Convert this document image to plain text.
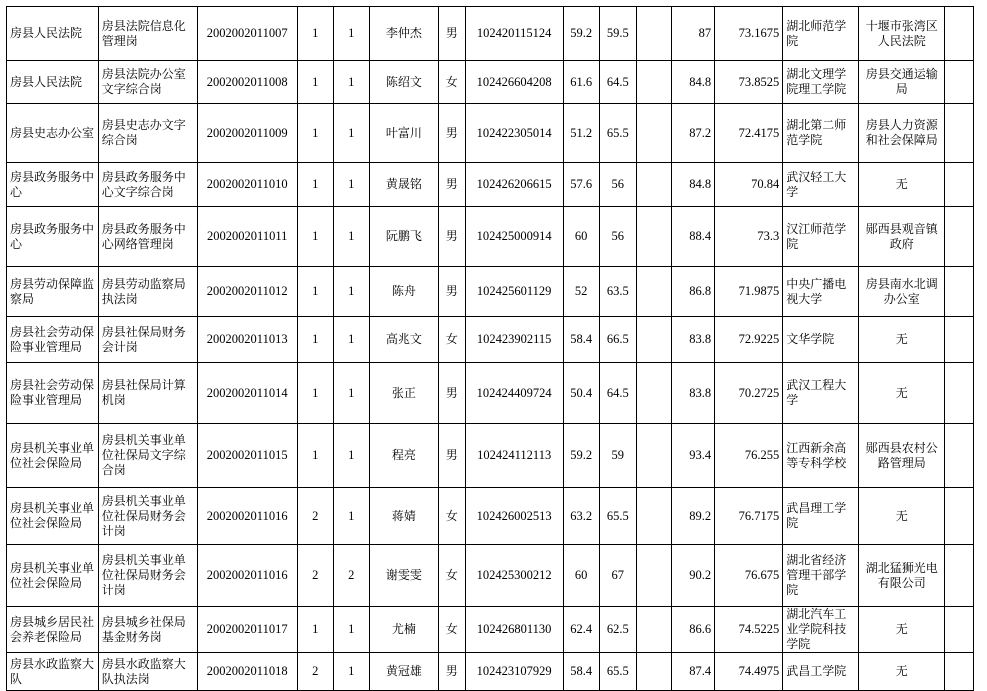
房县人民法院	房县法院信息化管理岗	2002002011007	1	1	李仲杰	男	102420115124	59.2	59.5		87	73.1675	湖北师范学院	十堰市张湾区人民法院	

房县人民法院	房县法院办公室文字综合岗	2002002011008	1	1	陈绍文	女	102426604208	61.6	64.5		84.8	73.8525	湖北文理学院理工学院	房县交通运输局	

房县史志办公室	房县史志办文字综合岗	2002002011009	1	1	叶富川	男	102422305014	51.2	65.5		87.2	72.4175	湖北第二师范学院	房县人力资源和社会保障局	

房县政务服务中心	房县政务服务中心文字综合岗	2002002011010	1	1	黄晟铭	男	102426206615	57.6	56		84.8	70.84	武汉轻工大学	无	

房县政务服务中心	房县政务服务中心网络管理岗	2002002011011	1	1	阮鹏飞	男	102425000914	60	56		88.4	73.3	汉江师范学院	郧西县观音镇政府	

房县劳动保障监察局	房县劳动监察局执法岗	2002002011012	1	1	陈舟	男	102425601129	52	63.5		86.8	71.9875	中央广播电视大学	房县南水北调办公室	

房县社会劳动保险事业管理局	房县社保局财务会计岗	2002002011013	1	1	高兆文	女	102423902115	58.4	66.5		83.8	72.9225	文华学院	无	

房县社会劳动保险事业管理局	房县社保局计算机岗	2002002011014	1	1	张正	男	102424409724	50.4	64.5		83.8	70.2725	武汉工程大学	无	

房县机关事业单位社会保险局	房县机关事业单位社保局文字综合岗	2002002011015	1	1	程亮	男	102424112113	59.2	59		93.4	76.255	江西新余高等专科学校	郧西县农村公路管理局	

房县机关事业单位社会保险局	房县机关事业单位社保局财务会计岗	2002002011016	2	1	蒋婧	女	102426002513	63.2	65.5		89.2	76.7175	武昌理工学院	无	

房县机关事业单位社会保险局	房县机关事业单位社保局财务会计岗	2002002011016	2	2	谢雯雯	女	102425300212	60	67		90.2	76.675	湖北省经济管理干部学院	湖北猛狮光电有限公司	

房县城乡居民社会养老保险局	房县城乡社保局基金财务岗	2002002011017	1	1	尤楠	女	102426801130	62.4	62.5		86.6	74.5225	湖北汽车工业学院科技学院	无	

房县水政监察大队	房县水政监察大队执法岗	2002002011018	2	1	黄冠雄	男	102423107929	58.4	65.5		87.4	74.4975	武昌工学院	无	
